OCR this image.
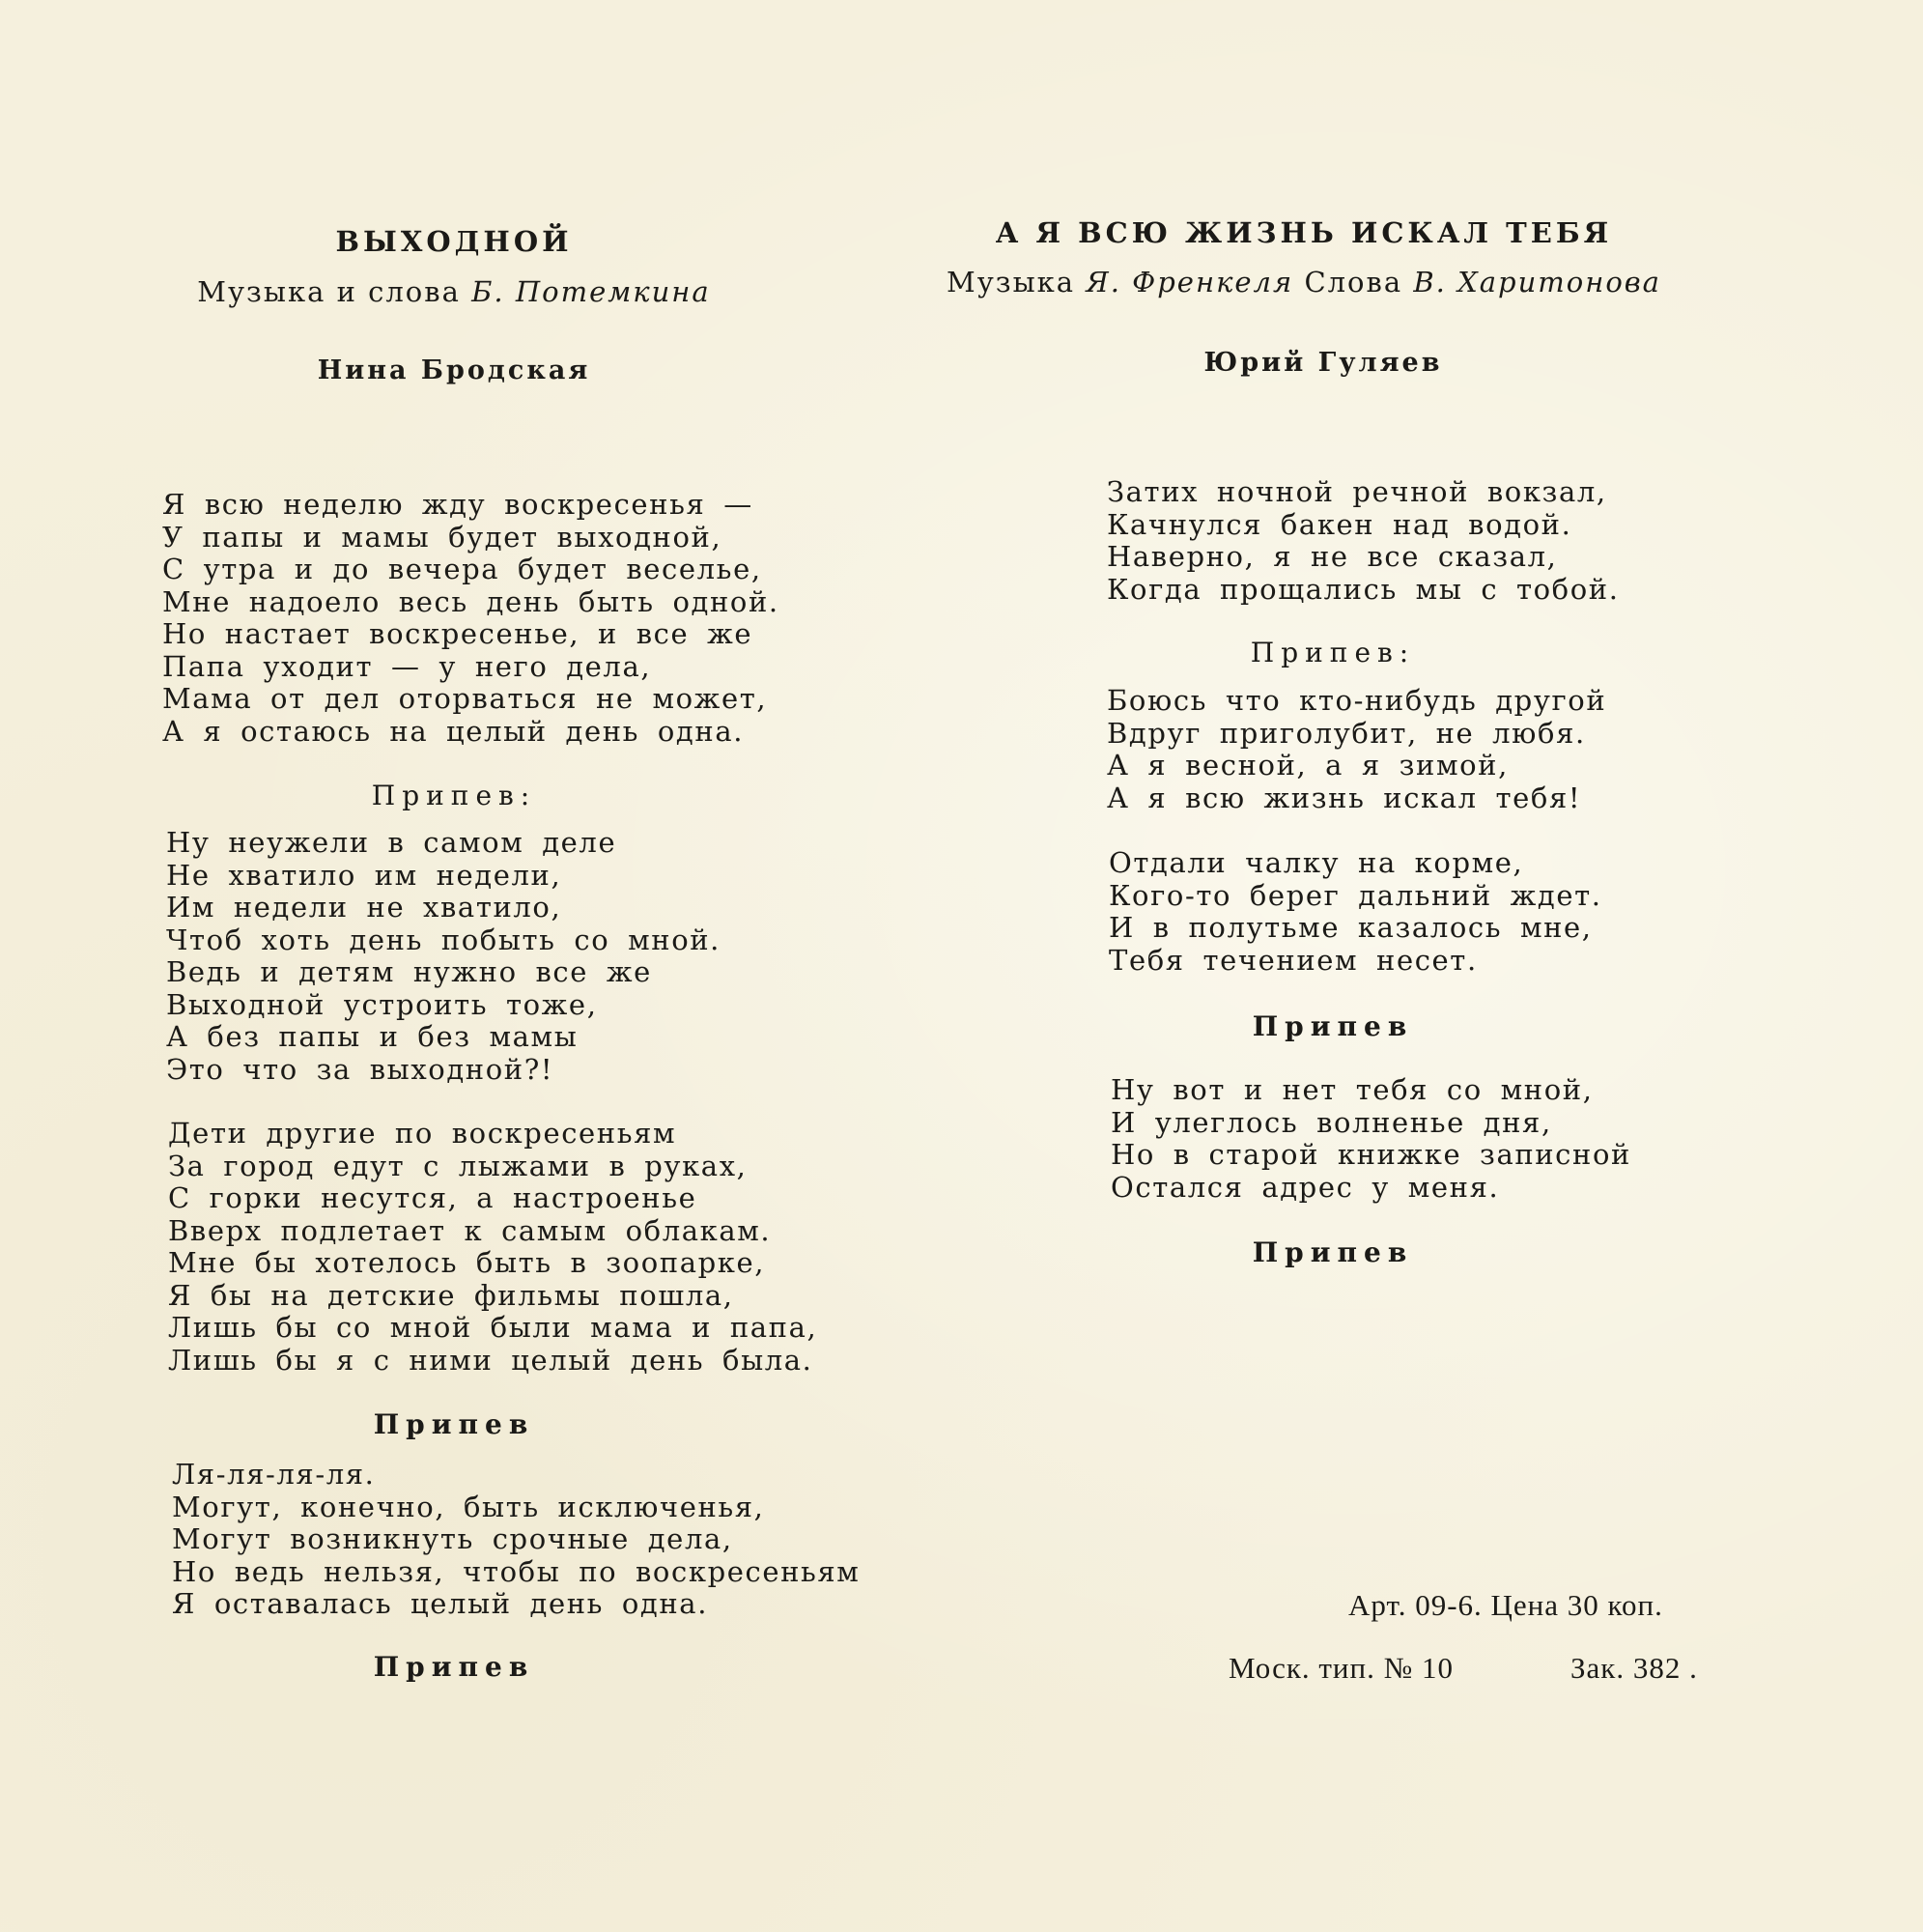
ВЫХОДНОЙ
Музыка и слова Б. Потемкина
Нина Бродская
Я всю неделю жду воскресенья —
У папы и мамы будет выходной,
С утра и до вечера будет веселье,
Мне надоело весь день быть одной.
Но настает воскресенье, и все же
Папа уходит — у него дела,
Мама от дел оторваться не может,
А я остаюсь на целый день одна.
Припев:
Ну неужели в самом деле
Не хватило им недели,
Им недели не хватило,
Чтоб хоть день побыть со мной.
Ведь и детям нужно все же
Выходной устроить тоже,
А без папы и без мамы
Это что за выходной?!
Дети другие по воскресеньям
За город едут с лыжами в руках,
С горки несутся, а настроенье
Вверх подлетает к самым облакам.
Мне бы хотелось быть в зоопарке,
Я бы на детские фильмы пошла,
Лишь бы со мной были мама и папа,
Лишь бы я с ними целый день была.
Припев
Ля-ля-ля-ля.
Могут, конечно, быть исключенья,
Могут возникнуть срочные дела,
Но ведь нельзя, чтобы по воскресеньям
Я оставалась целый день одна.
Припев
А Я ВСЮ ЖИЗНЬ ИСКАЛ ТЕБЯ
Музыка Я. Френкеля Слова В. Харитонова
Юрий Гуляев
Затих ночной речной вокзал,
Качнулся бакен над водой.
Наверно, я не все сказал,
Когда прощались мы с тобой.
Припев:
Боюсь что кто-нибудь другой
Вдруг приголубит, не любя.
А я весной, а я зимой,
А я всю жизнь искал тебя!
Отдали чалку на корме,
Кого-то берег дальний ждет.
И в полутьме казалось мне,
Тебя течением несет.
Припев
Ну вот и нет тебя со мной,
И улеглось волненье дня,
Но в старой книжке записной
Остался адрес у меня.
Припев
Арт. 09-6. Цена 30 коп.
Моск. тип. № 10	Зак. 382 .
